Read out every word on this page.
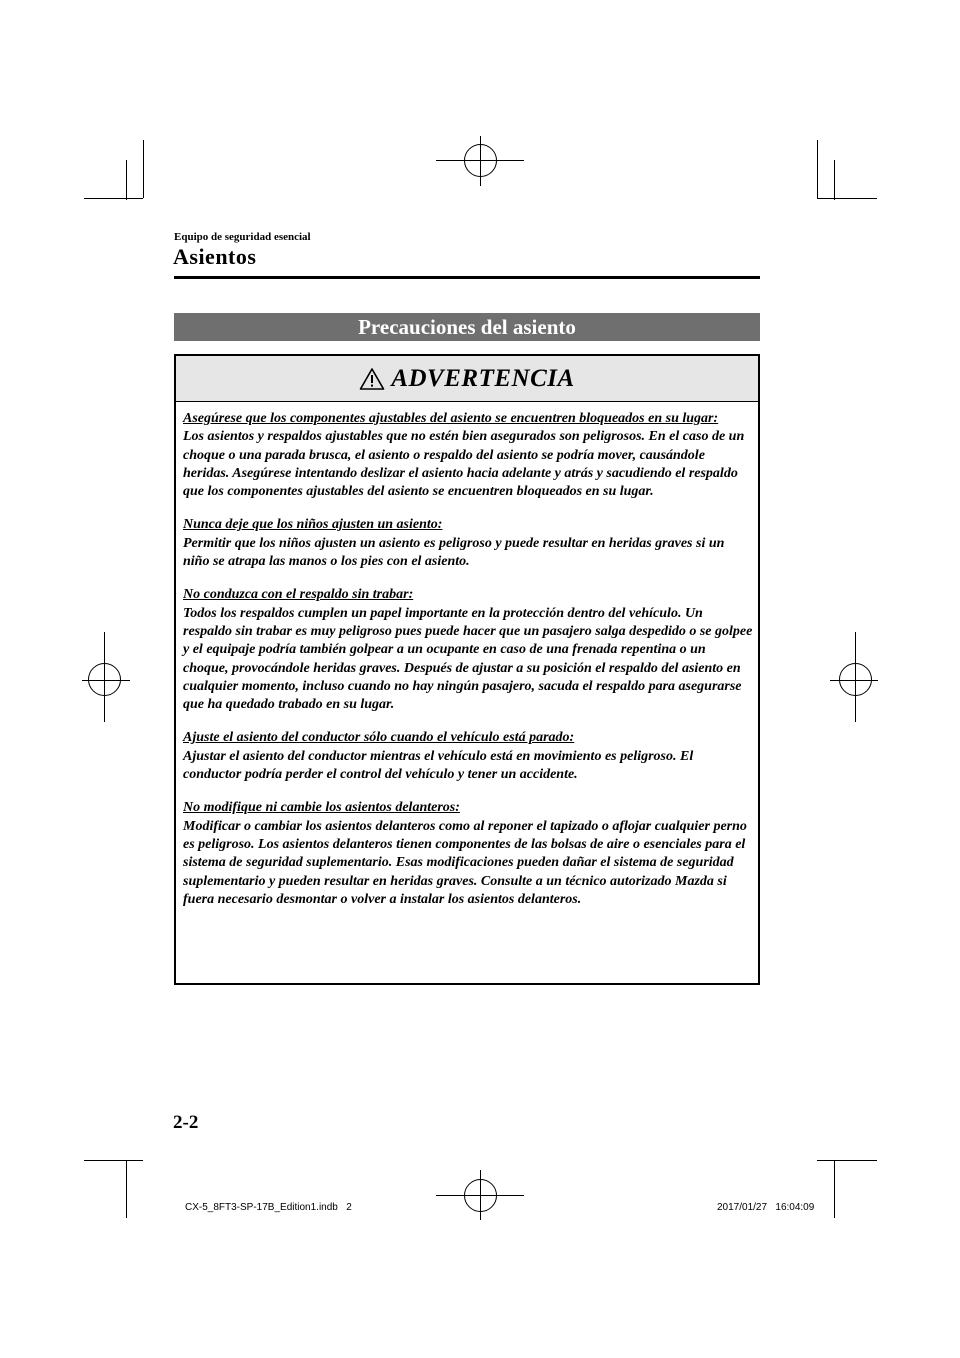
Equipo de seguridad esencial
Asientos
Precauciones del asiento
ADVERTENCIA
Asegúrese que los componentes ajustables del asiento se encuentren bloqueados en su lugar:
Los asientos y respaldos ajustables que no estén bien asegurados son peligrosos. En el caso de un choque o una parada brusca, el asiento o respaldo del asiento se podría mover, causándole heridas. Asegúrese intentando deslizar el asiento hacia adelante y atrás y sacudiendo el respaldo que los componentes ajustables del asiento se encuentren bloqueados en su lugar.
Nunca deje que los niños ajusten un asiento:
Permitir que los niños ajusten un asiento es peligroso y puede resultar en heridas graves si un niño se atrapa las manos o los pies con el asiento.
No conduzca con el respaldo sin trabar:
Todos los respaldos cumplen un papel importante en la protección dentro del vehículo. Un respaldo sin trabar es muy peligroso pues puede hacer que un pasajero salga despedido o se golpee y el equipaje podría también golpear a un ocupante en caso de una frenada repentina o un choque, provocándole heridas graves. Después de ajustar a su posición el respaldo del asiento en cualquier momento, incluso cuando no hay ningún pasajero, sacuda el respaldo para asegurarse que ha quedado trabado en su lugar.
Ajuste el asiento del conductor sólo cuando el vehículo está parado:
Ajustar el asiento del conductor mientras el vehículo está en movimiento es peligroso. El conductor podría perder el control del vehículo y tener un accidente.
No modifique ni cambie los asientos delanteros:
Modificar o cambiar los asientos delanteros como al reponer el tapizado o aflojar cualquier perno es peligroso. Los asientos delanteros tienen componentes de las bolsas de aire o esenciales para el sistema de seguridad suplementario. Esas modificaciones pueden dañar el sistema de seguridad suplementario y pueden resultar en heridas graves. Consulte a un técnico autorizado Mazda si fuera necesario desmontar o volver a instalar los asientos delanteros.
2-2
CX-5_8FT3-SP-17B_Edition1.indb   2	2017/01/27   16:04:09
